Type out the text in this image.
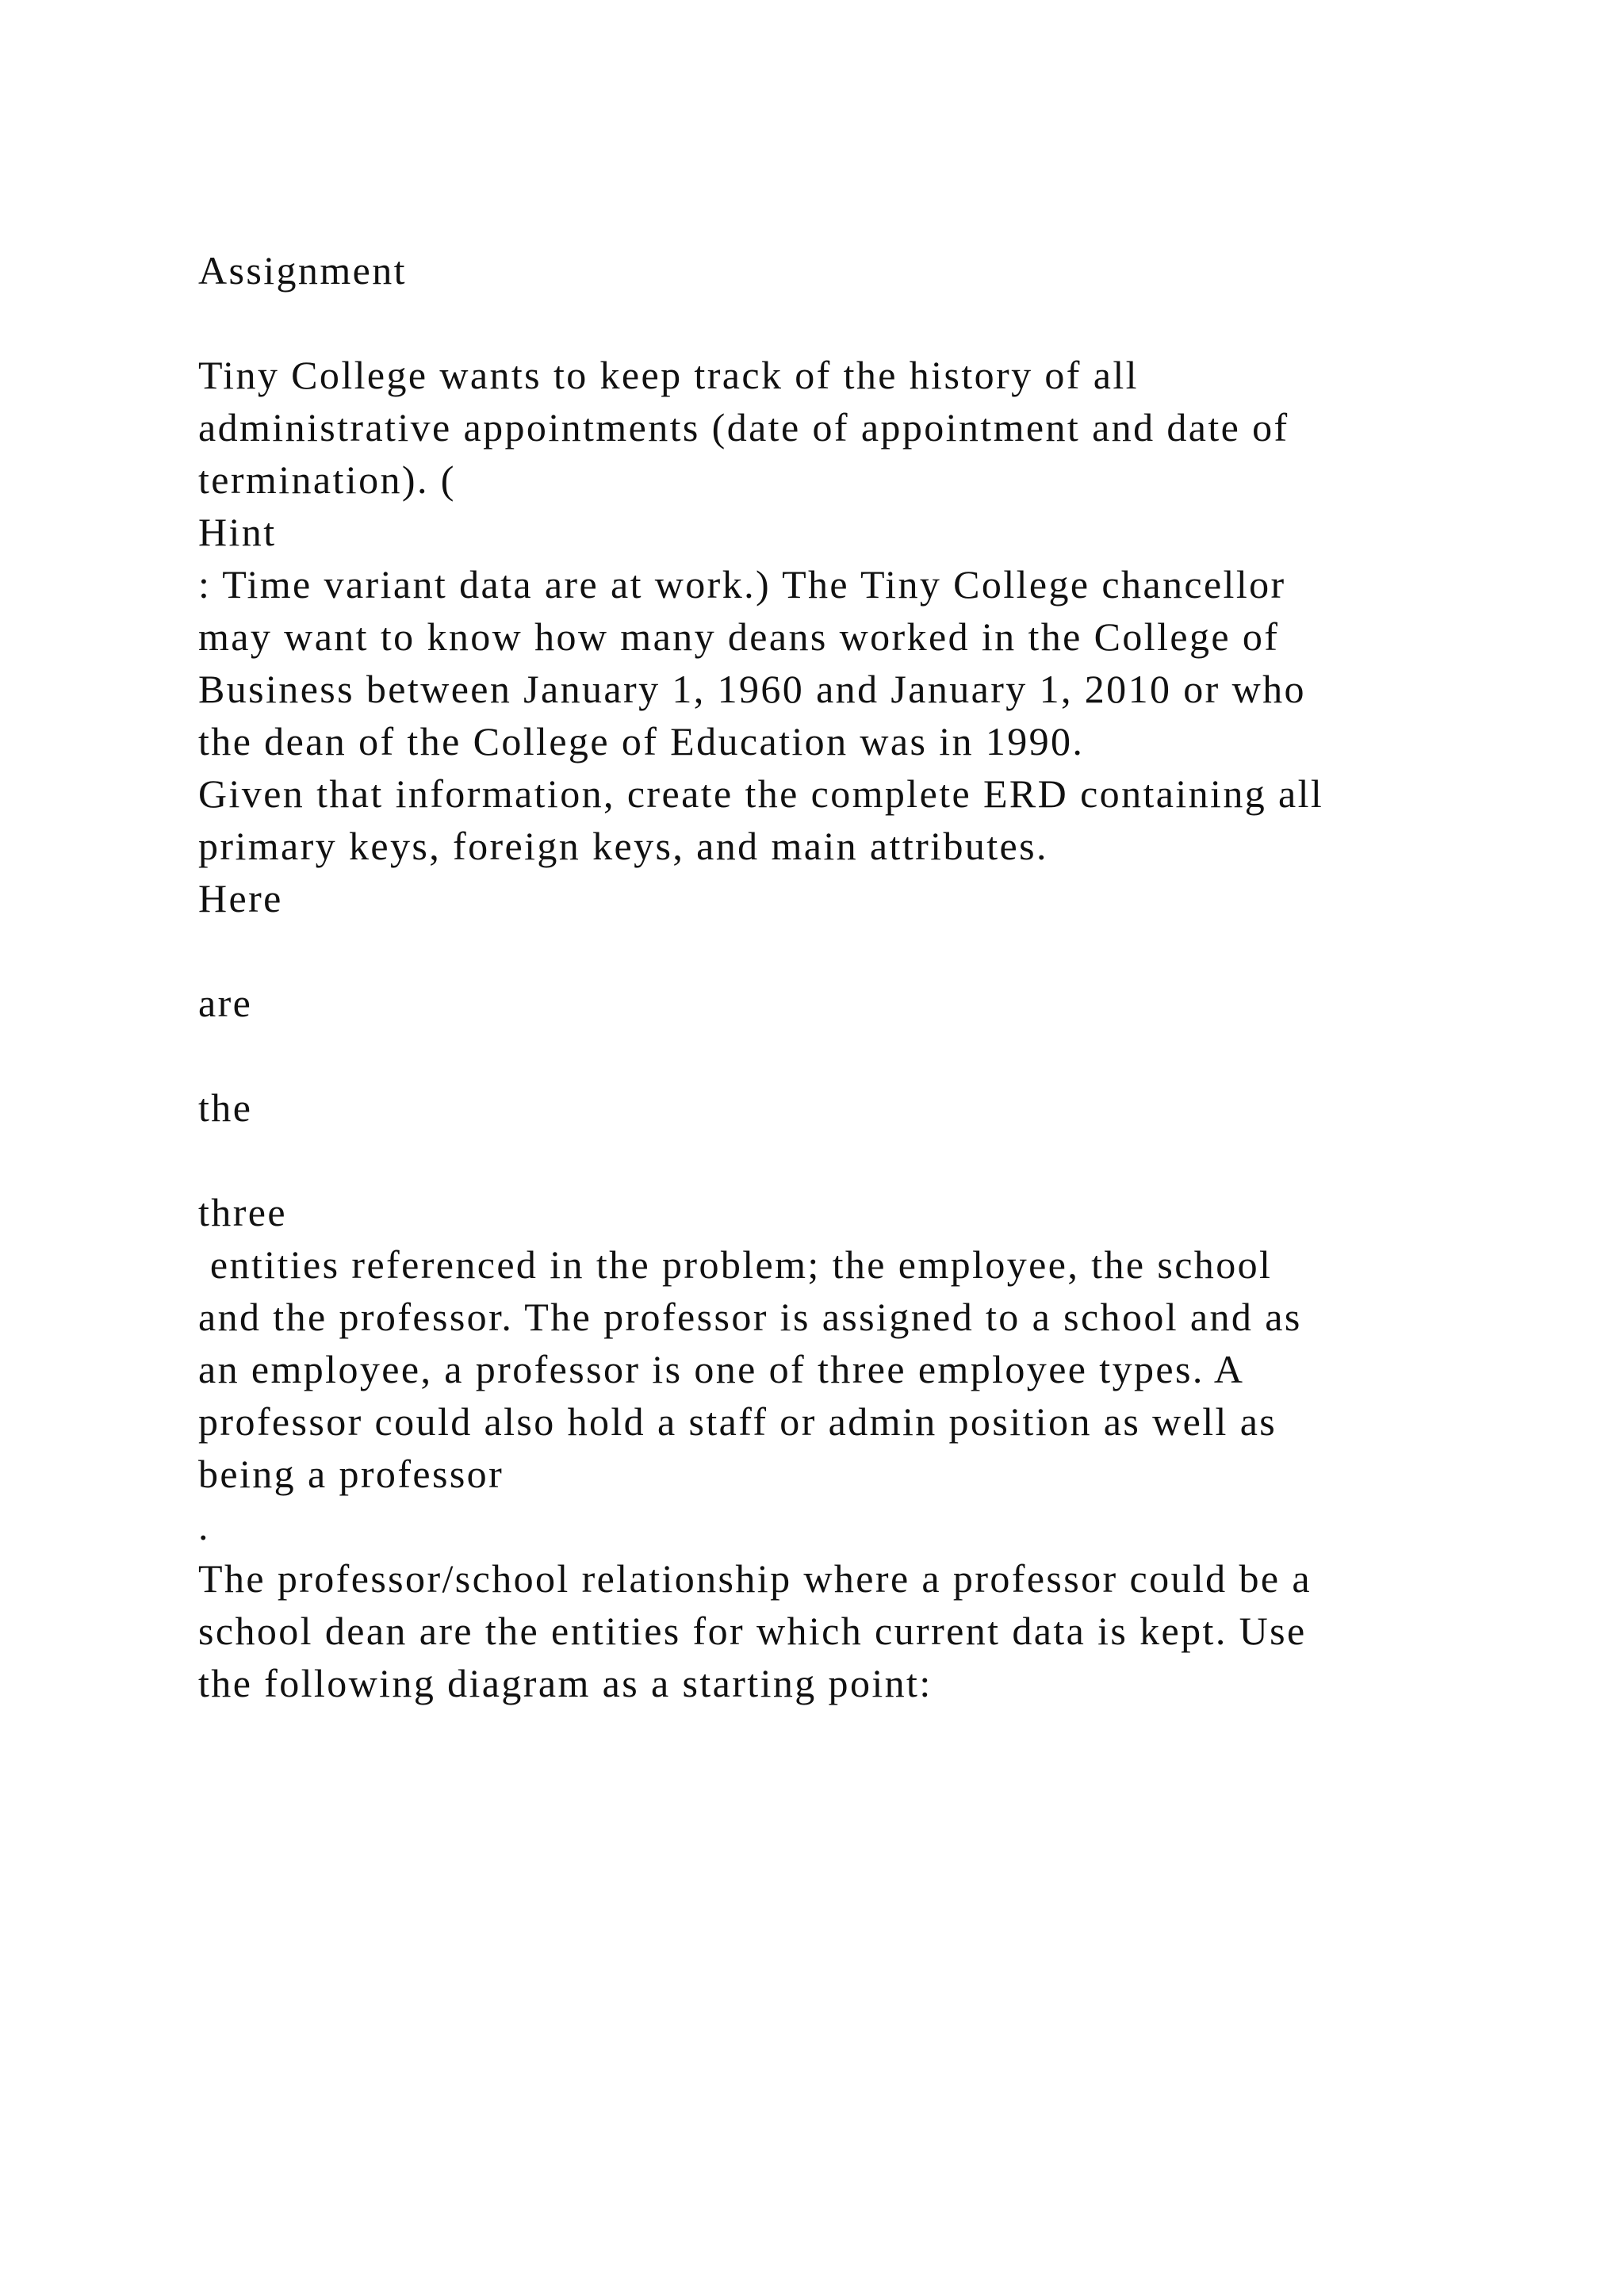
Assignment
Tiny College wants to keep track of the history of all
administrative appointments (date of appointment and date of
termination). (
Hint
: Time variant data are at work.) The Tiny College chancellor
may want to know how many deans worked in the College of
Business between January 1, 1960 and January 1, 2010 or who
the dean of the College of Education was in 1990.
Given that information, create the complete ERD containing all
primary keys, foreign keys, and main attributes.
Here
are
the
three
entities referenced in the problem; the employee, the school
and the professor. The professor is assigned to a school and as
an employee, a professor is one of three employee types. A
professor could also hold a staff or admin position as well as
being a professor
.
The professor/school relationship where a professor could be a
school dean are the entities for which current data is kept. Use
the following diagram as a starting point:
